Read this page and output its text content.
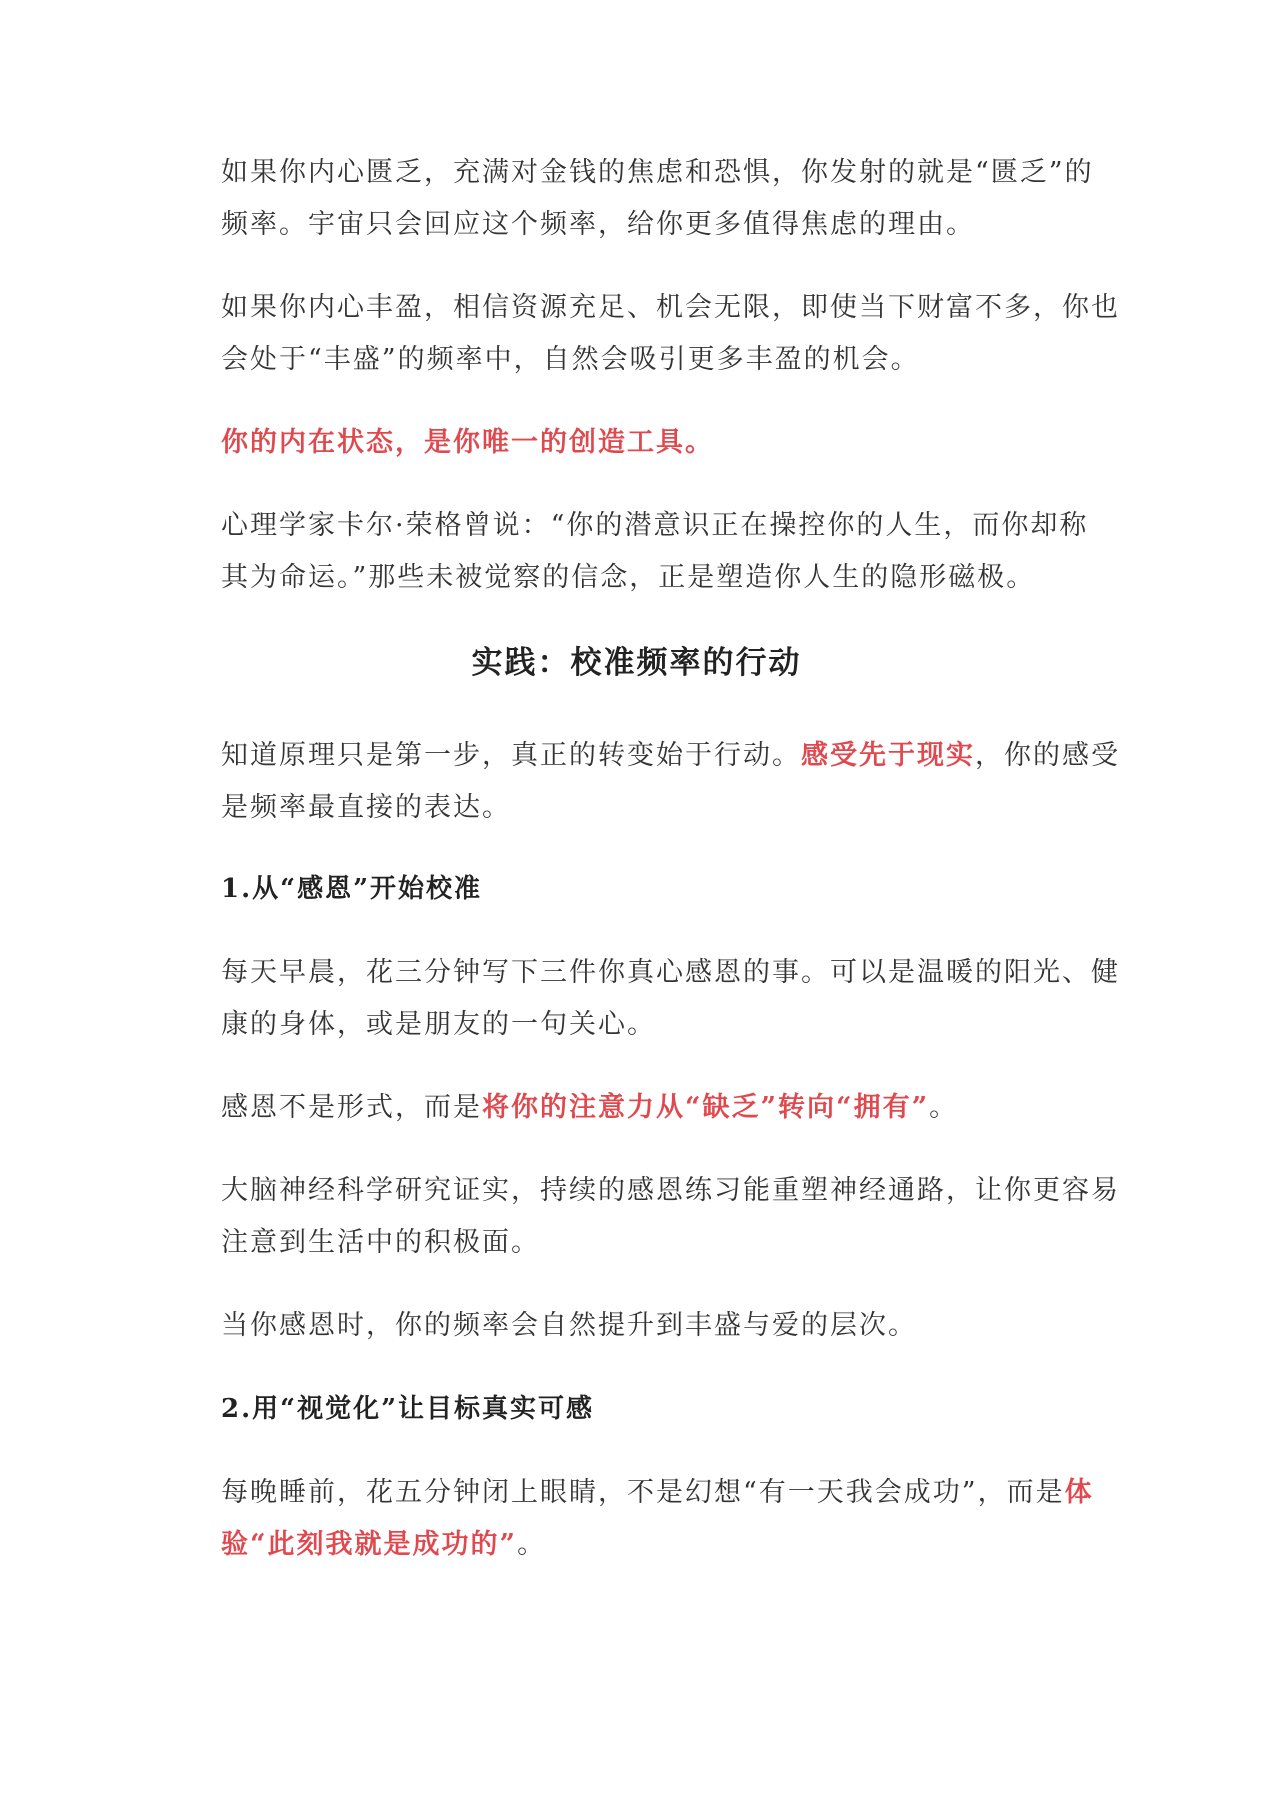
如果你内心匮乏，充满对金钱的焦虑和恐惧，你发射的就是“匮乏”的
频率。宇宙只会回应这个频率，给你更多值得焦虑的理由。

如果你内心丰盈，相信资源充足、机会无限，即使当下财富不多，你也
会处于“丰盛”的频率中，自然会吸引更多丰盈的机会。

你的内在状态，是你唯一的创造工具。

心理学家卡尔·荣格曾说：“你的潜意识正在操控你的人生，而你却称
其为命运。”那些未被觉察的信念，正是塑造你人生的隐形磁极。

实践：校准频率的行动

知道原理只是第一步，真正的转变始于行动。感受先于现实，你的感受
是频率最直接的表达。

1.从“感恩”开始校准

每天早晨，花三分钟写下三件你真心感恩的事。可以是温暖的阳光、健
康的身体，或是朋友的一句关心。

感恩不是形式，而是将你的注意力从“缺乏”转向“拥有”。

大脑神经科学研究证实，持续的感恩练习能重塑神经通路，让你更容易
注意到生活中的积极面。

当你感恩时，你的频率会自然提升到丰盛与爱的层次。

2.用“视觉化”让目标真实可感

每晚睡前，花五分钟闭上眼睛，不是幻想“有一天我会成功”，而是体
验“此刻我就是成功的”。
